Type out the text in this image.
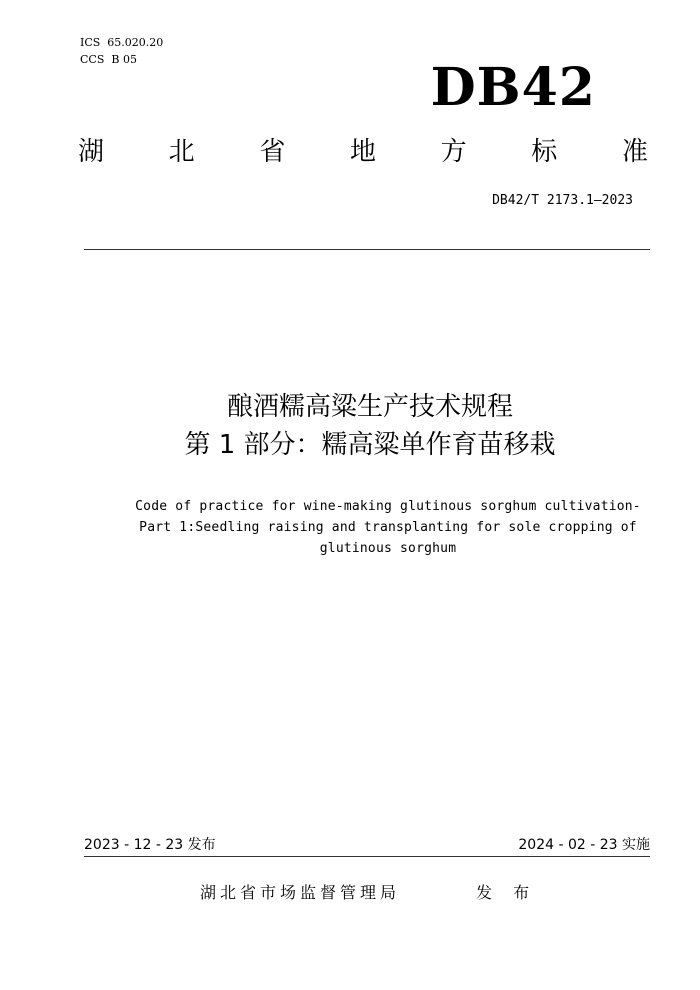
ICS  65.020.20
CCS  B 05	DB42
湖 北 省 地 方 标 准
DB42/T 2173.1—2023
酿酒糯高粱生产技术规程
第 1 部分：糯高粱单作育苗移栽
Code of practice for wine-making glutinous sorghum cultivation-
Part 1:Seedling raising and transplanting for sole cropping of
glutinous sorghum
2023 - 12 - 23 发布	2024 - 02 - 23 实施
湖北省市场监督管理局	发 布
